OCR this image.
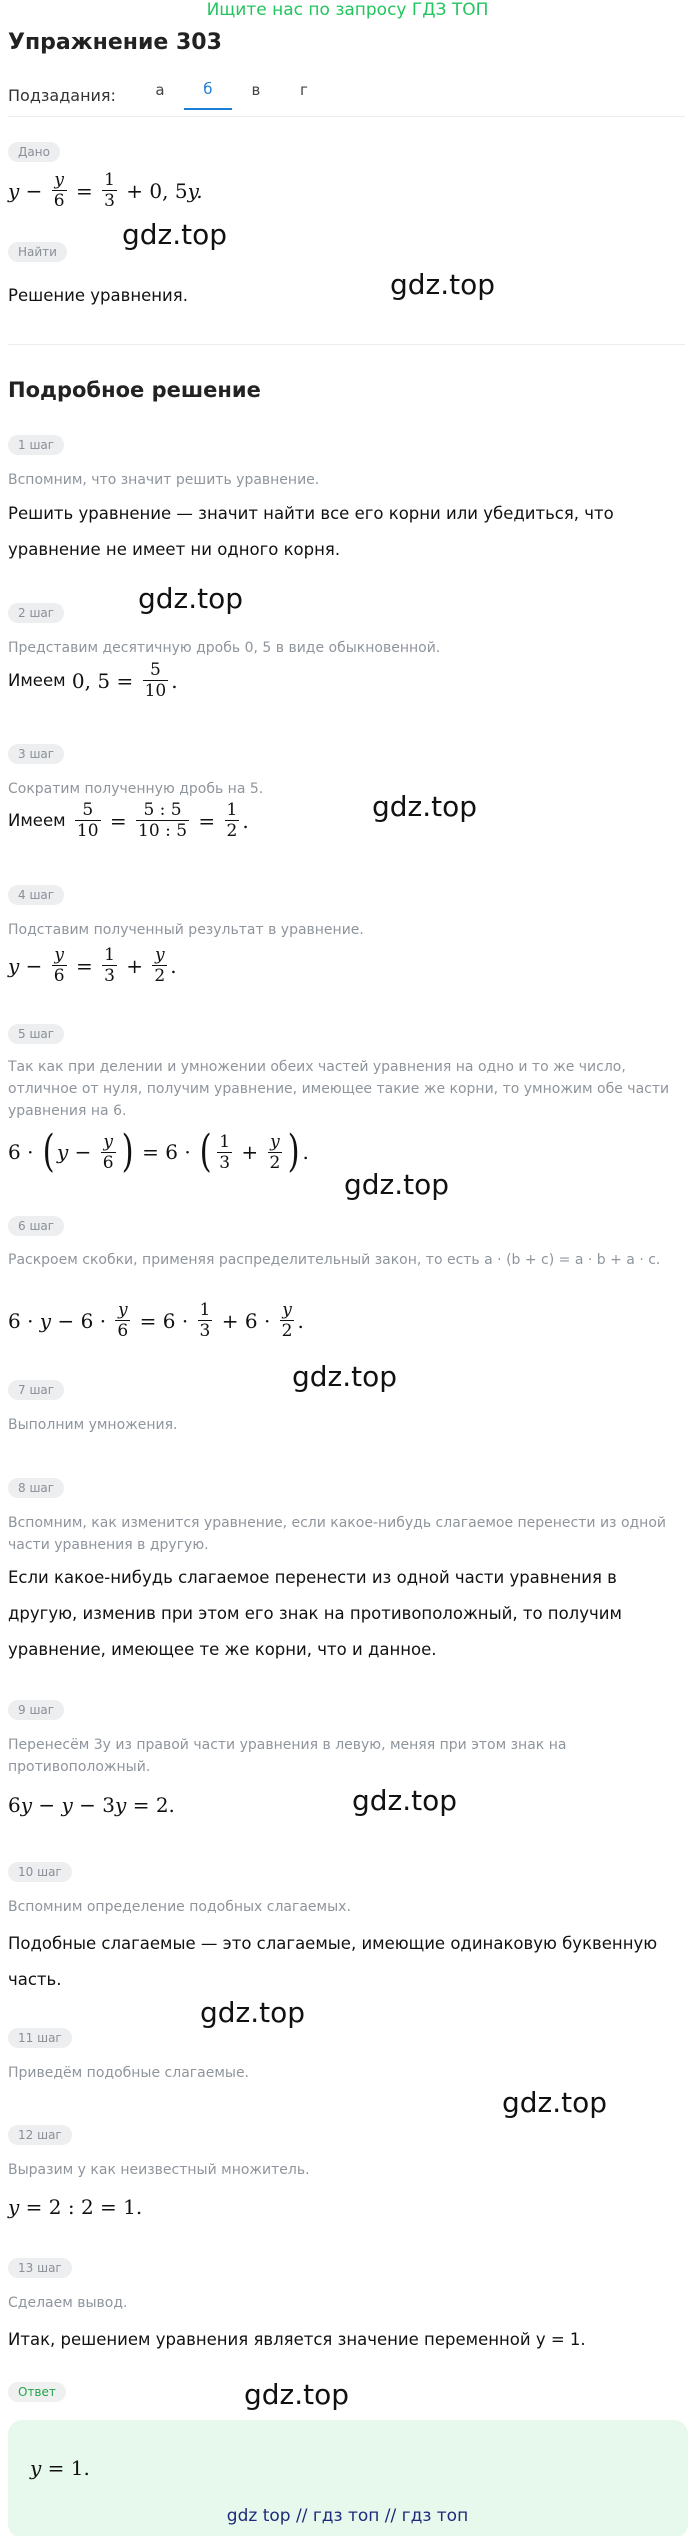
Ищите нас по запросу ГДЗ ТОП
Упражнение 303
Подзадания:	а	б	в	г
Дано
y −
$\frac{y}{6}$
=
$\frac{1}{3}$
+
0,
5 y.
Найти
Решение уравнения.
Подробное решение
1 шаг
Вспомним, что значит решить уравнение.
Решить уравнение — значит найти все его корни или убедиться, что уравнение не имеет ни одного корня.
2 шаг
Представим десятичную дробь 0, 5 в виде обыкновенной.
Имеем
0,
5
=
$\frac{5}{10}$ .
3 шаг
Сократим полученную дробь на 5.
Имеем
$\frac{5}{10}$
=
$\frac{5 : 5}{10 : 5}$
=
$\frac{1}{2}$ .
4 шаг
Подставим полученный результат в уравнение.
y −
$\frac{y}{6}$
=
$\frac{1}{3}$
+
$\frac{y}{2}$ .
5 шаг
Так как при делении и умножении обеих частей уравнения на одно и то же число, отличное от нуля, получим уравнение, имеющее такие же корни, то умножим обе части уравнения на 6.
6
·
( y −
$\frac{y}{6}$ )
=
6
·
( $\frac{1}{3}$
+
$\frac{y}{2}$ ) .
6 шаг
Раскроем скобки, применяя распределительный закон, то есть a · (b + c) = a · b + a · c.
6
· y −
6
·
$\frac{y}{6}$
=
6
·
$\frac{1}{3}$
+
6
·
$\frac{y}{2}$ .
7 шаг
Выполним умножения.
8 шаг
Вспомним, как изменится уравнение, если какое-нибудь слагаемое перенести из одной части уравнения в другую.
Если какое-нибудь слагаемое перенести из одной части уравнения в другую, изменив при этом его знак на противоположный, то получим уравнение, имеющее те же корни, что и данное.
9 шаг
Перенесём 3y из правой части уравнения в левую, меняя при этом знак на противоположный.
6 y − y −
3 y =
2.
10 шаг
Вспомним определение подобных слагаемых.
Подобные слагаемые — это слагаемые, имеющие одинаковую буквенную часть.
11 шаг
Приведём подобные слагаемые.
12 шаг
Выразим y как неизвестный множитель.
y =
2 : 2 = 1.
13 шаг
Сделаем вывод.
Итак, решением уравнения является значение переменной y = 1.
Ответ
y =
1.
gdz.top
gdz.top
gdz.top
gdz.top
gdz.top
gdz.top
gdz.top
gdz.top
gdz.top
gdz.top
gdz top // гдз топ // гдз топ
